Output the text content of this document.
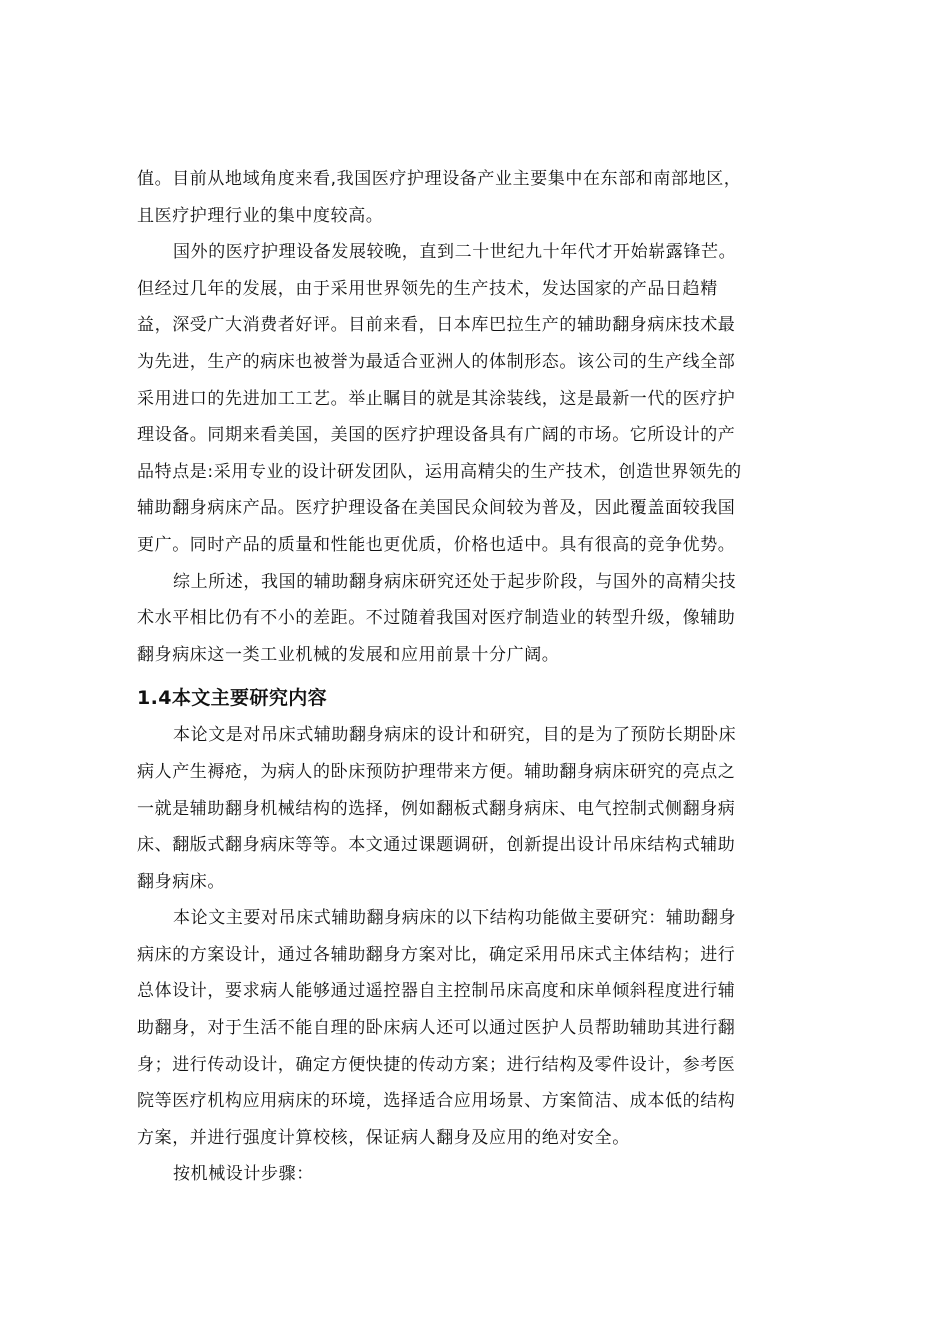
值。目前从地域角度来看,我国医疗护理设备产业主要集中在东部和南部地区，
且医疗护理行业的集中度较高。
国外的医疗护理设备发展较晚，直到二十世纪九十年代才开始崭露锋芒。
但经过几年的发展，由于采用世界领先的生产技术，发达国家的产品日趋精
益，深受广大消费者好评。目前来看，日本库巴拉生产的辅助翻身病床技术最
为先进，生产的病床也被誉为最适合亚洲人的体制形态。该公司的生产线全部
采用进口的先进加工工艺。举止瞩目的就是其涂装线，这是最新一代的医疗护
理设备。同期来看美国，美国的医疗护理设备具有广阔的市场。它所设计的产
品特点是:采用专业的设计研发团队，运用高精尖的生产技术，创造世界领先的
辅助翻身病床产品。医疗护理设备在美国民众间较为普及，因此覆盖面较我国
更广。同时产品的质量和性能也更优质，价格也适中。具有很高的竞争优势。
综上所述，我国的辅助翻身病床研究还处于起步阶段，与国外的高精尖技
术水平相比仍有不小的差距。不过随着我国对医疗制造业的转型升级，像辅助
翻身病床这一类工业机械的发展和应用前景十分广阔。
1.4本文主要研究内容
本论文是对吊床式辅助翻身病床的设计和研究，目的是为了预防长期卧床
病人产生褥疮，为病人的卧床预防护理带来方便。辅助翻身病床研究的亮点之
一就是辅助翻身机械结构的选择，例如翻板式翻身病床、电气控制式侧翻身病
床、翻版式翻身病床等等。本文通过课题调研，创新提出设计吊床结构式辅助
翻身病床。
本论文主要对吊床式辅助翻身病床的以下结构功能做主要研究：辅助翻身
病床的方案设计，通过各辅助翻身方案对比，确定采用吊床式主体结构；进行
总体设计，要求病人能够通过遥控器自主控制吊床高度和床单倾斜程度进行辅
助翻身，对于生活不能自理的卧床病人还可以通过医护人员帮助辅助其进行翻
身；进行传动设计，确定方便快捷的传动方案；进行结构及零件设计，参考医
院等医疗机构应用病床的环境，选择适合应用场景、方案简洁、成本低的结构
方案，并进行强度计算校核，保证病人翻身及应用的绝对安全。
按机械设计步骤：
